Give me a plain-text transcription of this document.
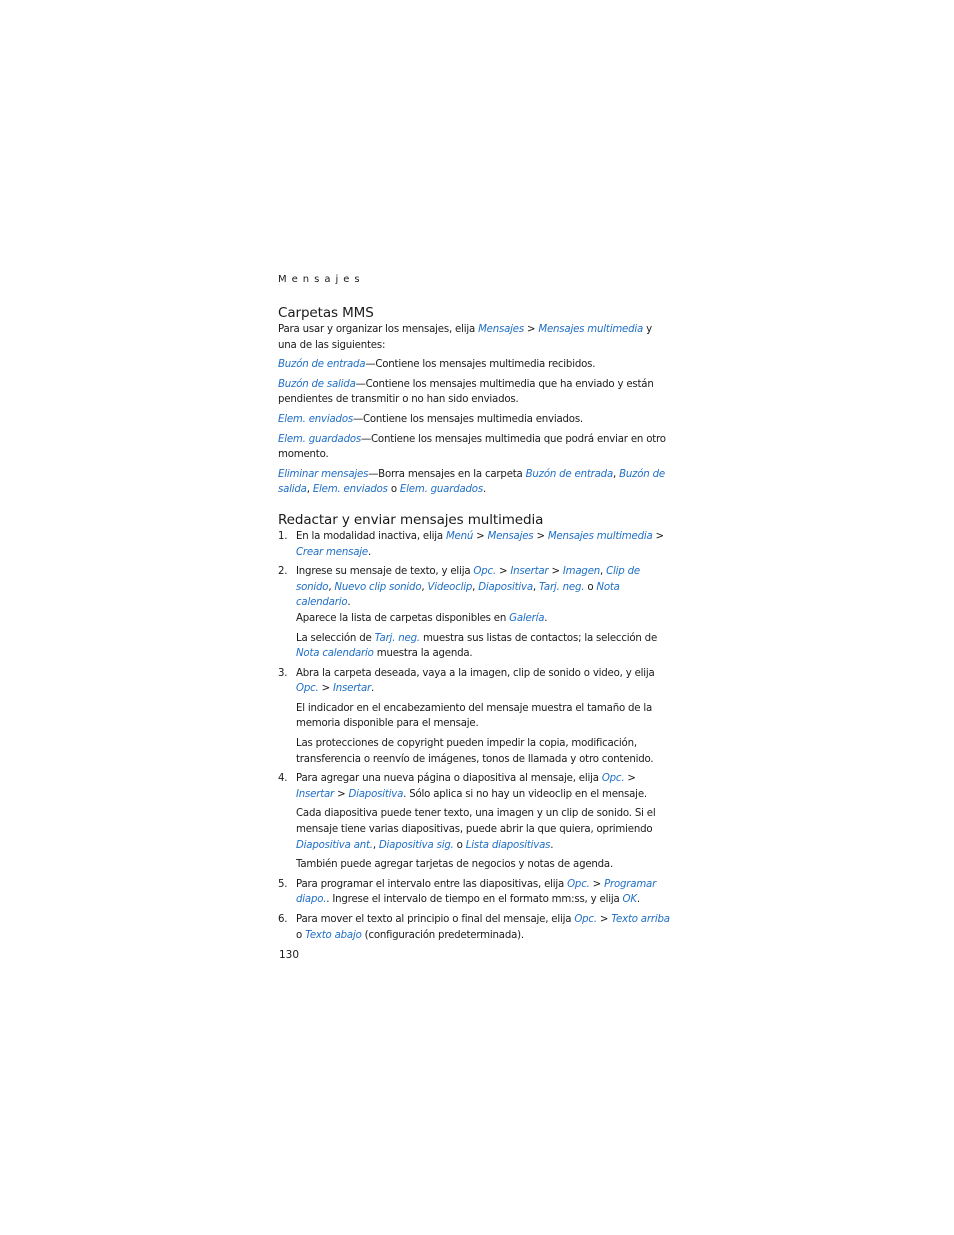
Mensajes
Carpetas MMS

Para usar y organizar los mensajes, elija Mensajes > Mensajes multimedia y una de las siguientes:

Buzón de entrada—Contiene los mensajes multimedia recibidos.

Buzón de salida—Contiene los mensajes multimedia que ha enviado y están pendientes de transmitir o no han sido enviados.

Elem. enviados—Contiene los mensajes multimedia enviados.

Elem. guardados—Contiene los mensajes multimedia que podrá enviar en otro momento.

Eliminar mensajes—Borra mensajes en la carpeta Buzón de entrada, Buzón de salida, Elem. enviados o Elem. guardados.

Redactar y enviar mensajes multimedia
1. En la modalidad inactiva, elija Menú > Mensajes > Mensajes multimedia > Crear mensaje.
2. Ingrese su mensaje de texto, y elija Opc. > Insertar > Imagen, Clip de sonido, Nuevo clip sonido, Videoclip, Diapositiva, Tarj. neg. o Nota calendario.
Aparece la lista de carpetas disponibles en Galería.

La selección de Tarj. neg. muestra sus listas de contactos; la selección de Nota calendario muestra la agenda.

3. Abra la carpeta deseada, vaya a la imagen, clip de sonido o video, y elija Opc. > Insertar.

El indicador en el encabezamiento del mensaje muestra el tamaño de la memoria disponible para el mensaje.

Las protecciones de copyright pueden impedir la copia, modificación, transferencia o reenvío de imágenes, tonos de llamada y otro contenido.

4. Para agregar una nueva página o diapositiva al mensaje, elija Opc. > Insertar > Diapositiva. Sólo aplica si no hay un videoclip en el mensaje.

Cada diapositiva puede tener texto, una imagen y un clip de sonido. Si el mensaje tiene varias diapositivas, puede abrir la que quiera, oprimiendo Diapositiva ant., Diapositiva sig. o Lista diapositivas.

También puede agregar tarjetas de negocios y notas de agenda.

5. Para programar el intervalo entre las diapositivas, elija Opc. > Programar diapo.. Ingrese el intervalo de tiempo en el formato mm:ss, y elija OK.
6. Para mover el texto al principio o final del mensaje, elija Opc. > Texto arriba o Texto abajo (configuración predeterminada).
130
